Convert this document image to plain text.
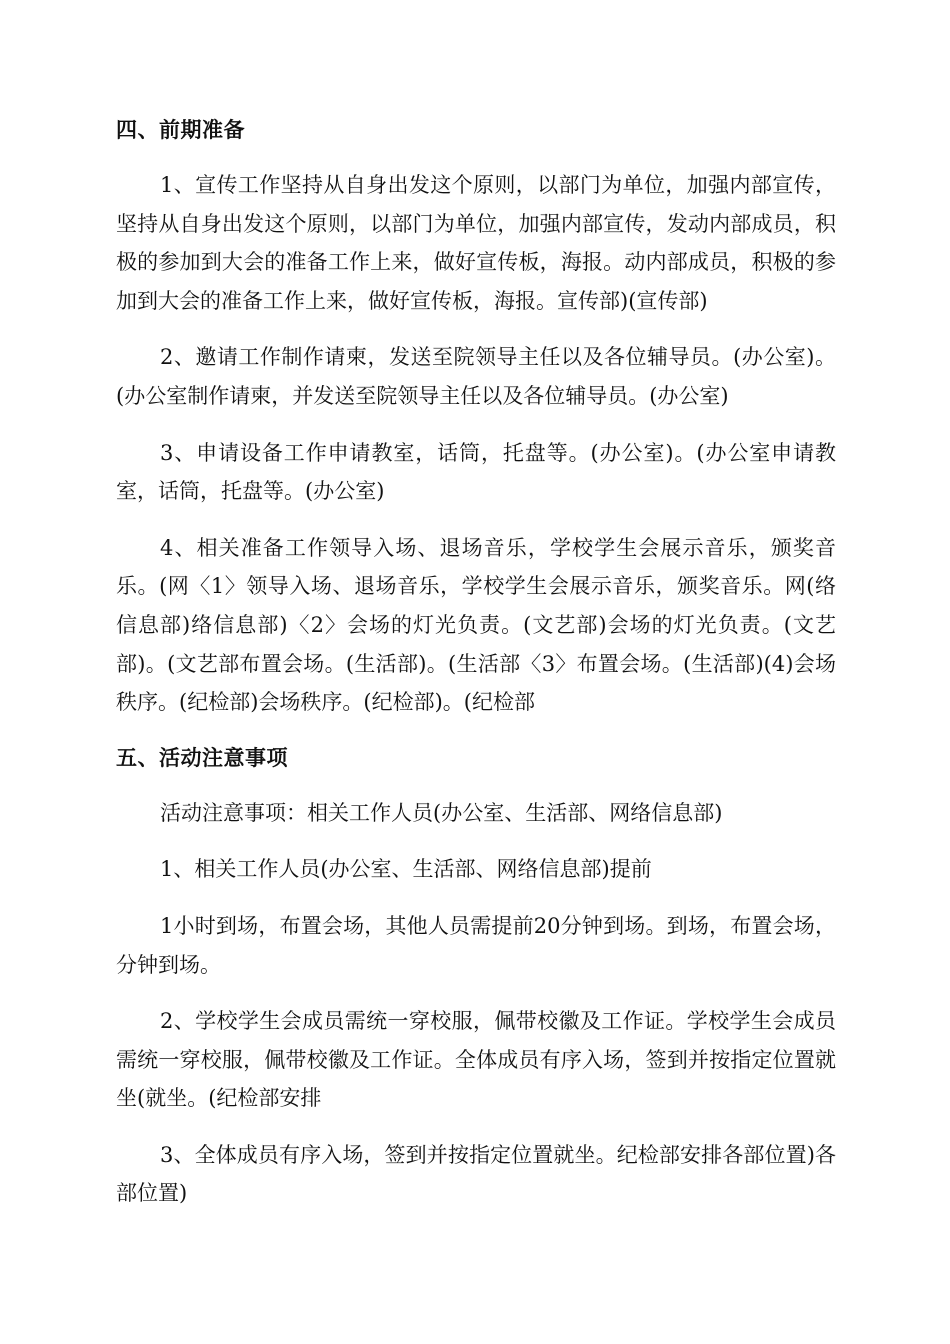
四、前期准备

1、宣传工作坚持从自身出发这个原则，以部门为单位，加强内部宣传，坚持从自身出发这个原则，以部门为单位，加强内部宣传，发动内部成员，积极的参加到大会的准备工作上来，做好宣传板，海报。动内部成员，积极的参加到大会的准备工作上来，做好宣传板，海报。宣传部)(宣传部)

2、邀请工作制作请柬，发送至院领导主任以及各位辅导员。(办公室)。(办公室制作请柬，并发送至院领导主任以及各位辅导员。(办公室)

3、申请设备工作申请教室，话筒，托盘等。(办公室)。(办公室申请教室，话筒，托盘等。(办公室)

4、相关准备工作领导入场、退场音乐，学校学生会展示音乐，颁奖音乐。(网〈1〉领导入场、退场音乐，学校学生会展示音乐，颁奖音乐。网(络信息部)络信息部)〈2〉会场的灯光负责。(文艺部)会场的灯光负责。(文艺部)。(文艺部布置会场。(生活部)。(生活部〈3〉布置会场。(生活部)(4)会场秩序。(纪检部)会场秩序。(纪检部)。(纪检部

五、活动注意事项

活动注意事项：相关工作人员(办公室、生活部、网络信息部)

1、相关工作人员(办公室、生活部、网络信息部)提前

1小时到场，布置会场，其他人员需提前20分钟到场。到场，布置会场，分钟到场。

2、学校学生会成员需统一穿校服，佩带校徽及工作证。学校学生会成员需统一穿校服，佩带校徽及工作证。全体成员有序入场，签到并按指定位置就坐(就坐。(纪检部安排

3、全体成员有序入场，签到并按指定位置就坐。纪检部安排各部位置)各部位置)
